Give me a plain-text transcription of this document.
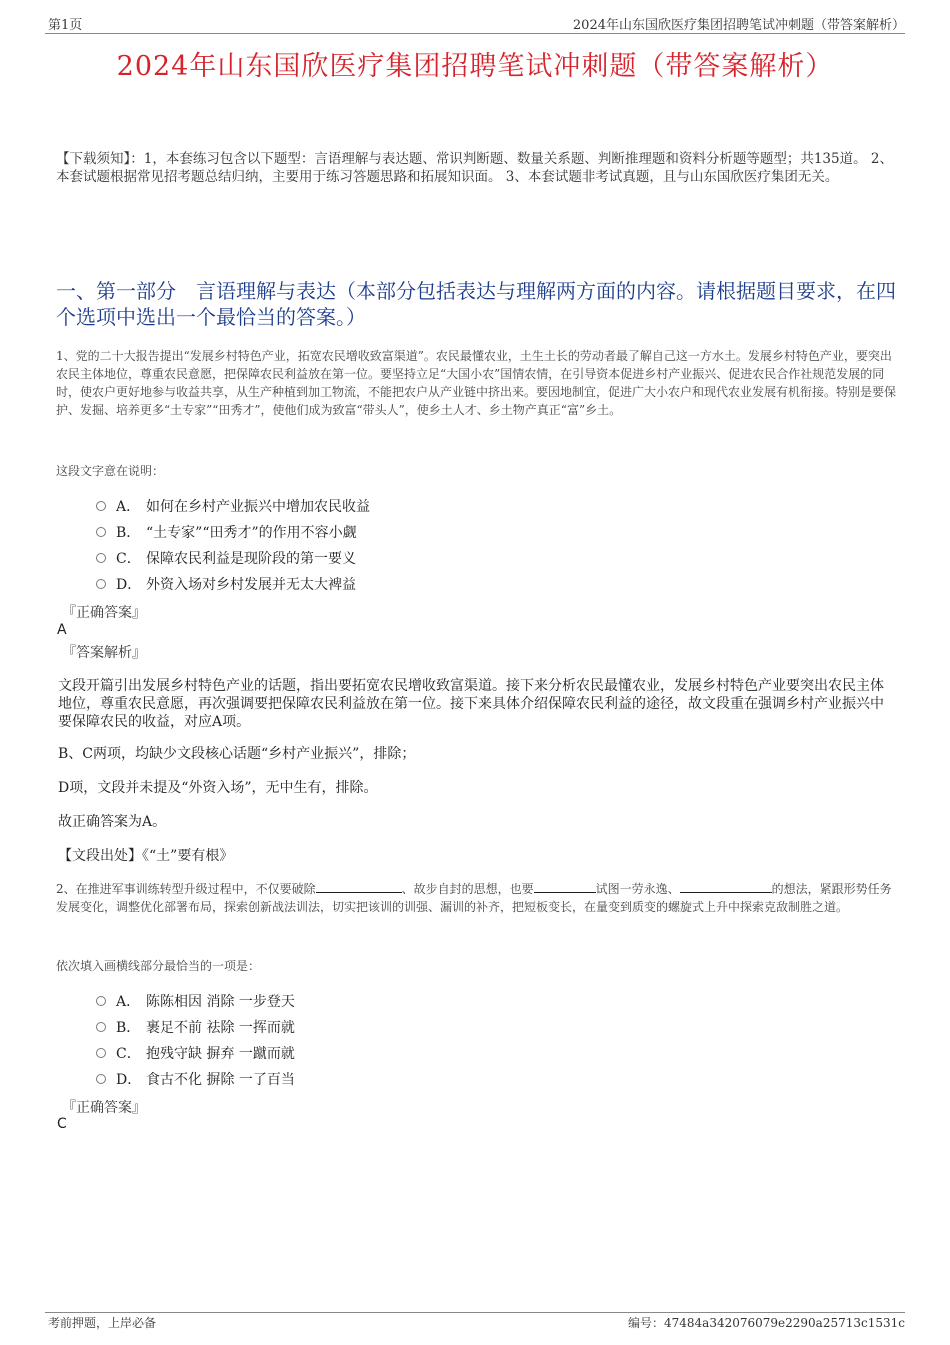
第1页	2024年山东国欣医疗集团招聘笔试冲刺题（带答案解析）
2024年山东国欣医疗集团招聘笔试冲刺题（带答案解析）
【下载须知】：1，本套练习包含以下题型：言语理解与表达题、常识判断题、数量关系题、判断推理题和资料分析题等题型；共135道。 2、本套试题根据常见招考题总结归纳，主要用于练习答题思路和拓展知识面。 3、本套试题非考试真题，且与山东国欣医疗集团无关。
一、第一部分　言语理解与表达（本部分包括表达与理解两方面的内容。请根据题目要求，在四个选项中选出一个最恰当的答案。）
1、党的二十大报告提出“发展乡村特色产业，拓宽农民增收致富渠道”。农民最懂农业，土生土长的劳动者最了解自己这一方水土。发展乡村特色产业，要突出农民主体地位，尊重农民意愿，把保障农民利益放在第一位。要坚持立足“大国小农”国情农情，在引导资本促进乡村产业振兴、促进农民合作社规范发展的同时，使农户更好地参与收益共享，从生产种植到加工物流，不能把农户从产业链中挤出来。要因地制宜，促进广大小农户和现代农业发展有机衔接。特别是要保护、发掘、培养更多“土专家”“田秀才”，使他们成为致富“带头人”，使乡土人才、乡土物产真正“富”乡土。
这段文字意在说明：
A． 如何在乡村产业振兴中增加农民收益
B． “土专家”“田秀才”的作用不容小觑
C． 保障农民利益是现阶段的第一要义
D． 外资入场对乡村发展并无太大裨益
『正确答案』
A
『答案解析』
文段开篇引出发展乡村特色产业的话题，指出要拓宽农民增收致富渠道。接下来分析农民最懂农业，发展乡村特色产业要突出农民主体地位，尊重农民意愿，再次强调要把保障农民利益放在第一位。接下来具体介绍保障农民利益的途径，故文段重在强调乡村产业振兴中要保障农民的收益，对应A项。
B、C两项，均缺少文段核心话题“乡村产业振兴”，排除；
D项，文段并未提及“外资入场”，无中生有，排除。
故正确答案为A。
【文段出处】《“土”要有根》
2、在推进军事训练转型升级过程中，不仅要破除	、故步自封的思想，也要	试图一劳永逸、	的想法，紧跟形势任务发展变化，调整优化部署布局，探索创新战法训法，切实把该训的训强、漏训的补齐，把短板变长，在量变到质变的螺旋式上升中探索克敌制胜之道。
依次填入画横线部分最恰当的一项是：
A． 陈陈相因 消除 一步登天
B． 裹足不前 祛除 一挥而就
C． 抱残守缺 摒弃 一蹴而就
D． 食古不化 摒除 一了百当
『正确答案』
C
考前押题，上岸必备	编号：47484a342076079e2290a25713c1531c
